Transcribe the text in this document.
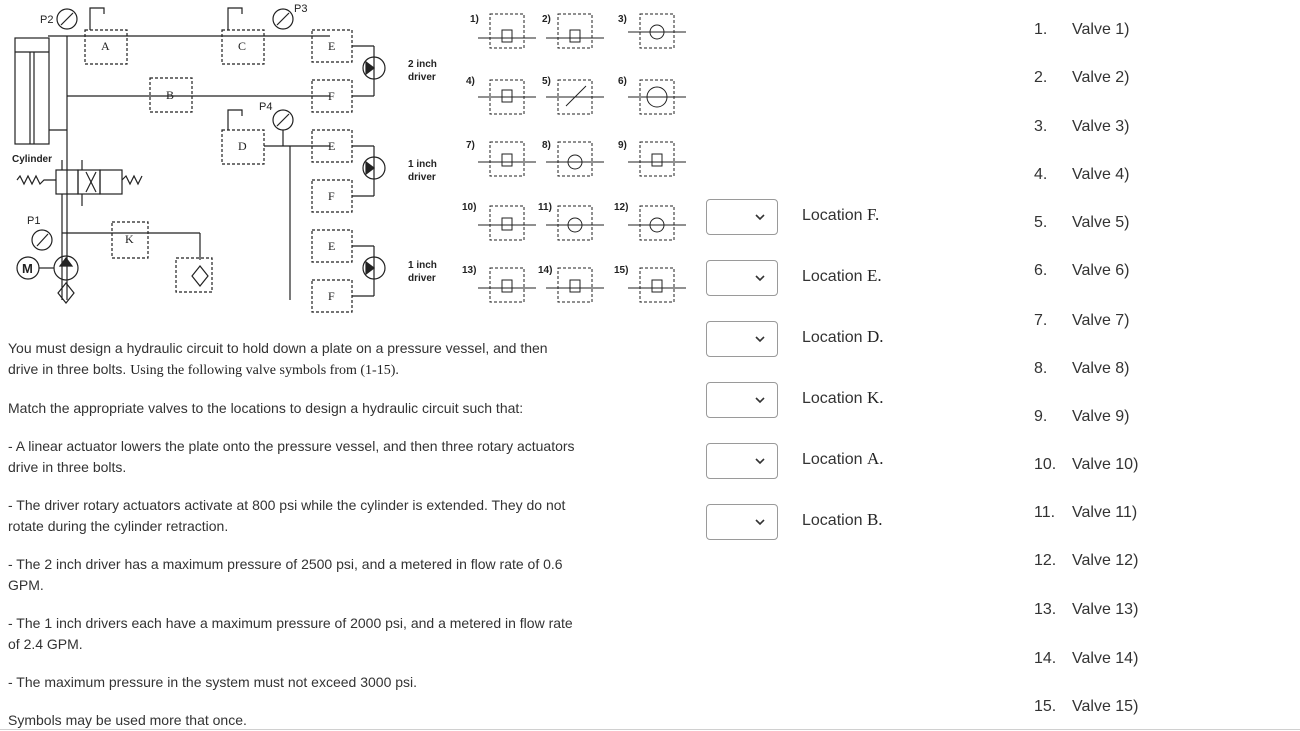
P2
P3
P4
P1
A
B
C
D
K
E
F
E
F
E
F
Cylinder
M
2 inch
driver
1 inch
driver
1 inch
driver
1)	2)	3)
4)	5)	6)
7)	8)	9)
10)	11)	12)
13)	14)	15)

You must design a hydraulic circuit to hold down a plate on a pressure vessel, and then drive in three bolts. Using the following valve symbols from (1-15).

Match the appropriate valves to the locations to design a hydraulic circuit such that:

- A linear actuator lowers the plate onto the pressure vessel, and then three rotary actuators drive in three bolts.

- The driver rotary actuators activate at 800 psi while the cylinder is extended. They do not rotate during the cylinder retraction.

- The 2 inch driver has a maximum pressure of 2500 psi, and a metered in flow rate of 0.6 GPM.

- The 1 inch drivers each have a maximum pressure of 2000 psi, and a metered in flow rate of 2.4 GPM.

- The maximum pressure in the system must not exceed 3000 psi.

Symbols may be used more that once.

Location F.
Location E.
Location D.
Location K.
Location A.
Location B.
1. Valve 1)
2. Valve 2)
3. Valve 3)
4. Valve 4)
5. Valve 5)
6. Valve 6)
7. Valve 7)
8. Valve 8)
9. Valve 9)
10. Valve 10)
11. Valve 11)
12. Valve 12)
13. Valve 13)
14. Valve 14)
15. Valve 15)
